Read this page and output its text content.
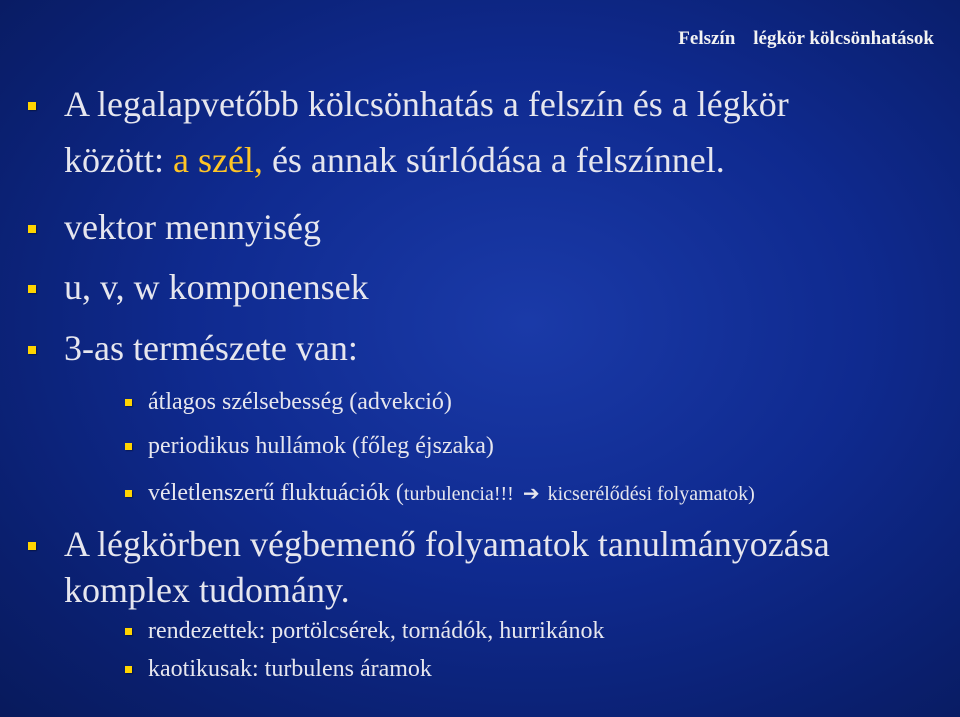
Felszín légkör kölcsönhatások
A legalapvetőbb kölcsönhatás a felszín és a légkör
között: a szél, és annak súrlódása a felszínnel.
vektor mennyiség
u, v, w komponensek
3-as természete van:
átlagos szélsebesség (advekció)
periodikus hullámok (főleg éjszaka)
véletlenszerű fluktuációk (turbulencia!!! ➔ kicserélődési folyamatok)
A légkörben végbemenő folyamatok tanulmányozása
komplex tudomány.
rendezettek: portölcsérek, tornádók, hurrikánok
kaotikusak: turbulens áramok
